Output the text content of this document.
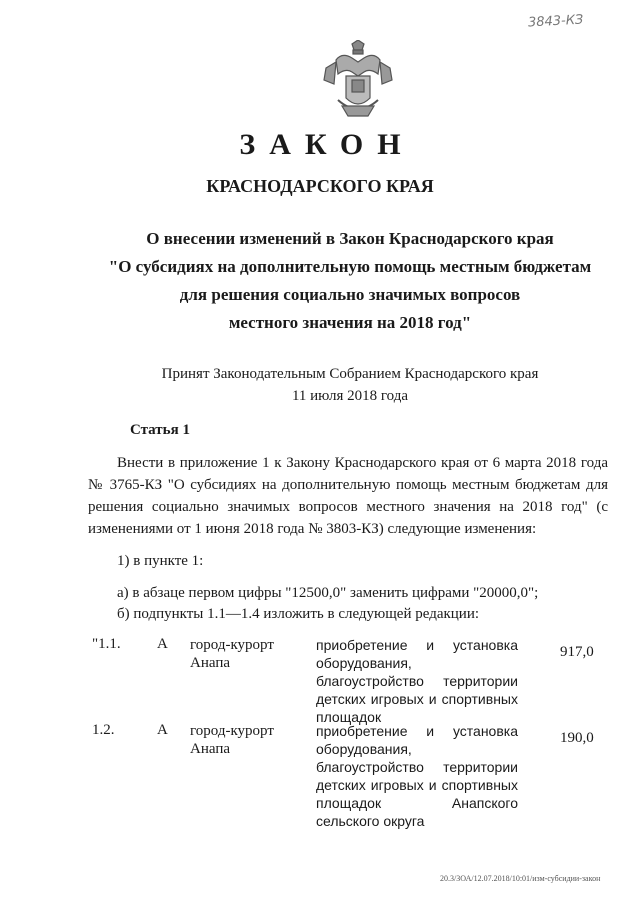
3843-КЗ
ЗАКОН
КРАСНОДАРСКОГО КРАЯ
О внесении изменений в Закон Краснодарского края
"О субсидиях на дополнительную помощь местным бюджетам
для решения социально значимых вопросов
местного значения на 2018 год"
Принят Законодательным Собранием Краснодарского края
11 июля 2018 года
Статья 1
Внести в приложение 1 к Закону Краснодарского края от 6 марта 2018 года № 3765-КЗ "О субсидиях на дополнительную помощь местным бюджетам для решения социально значимых вопросов местного значения на 2018 год" (с изменениями от 1 июня 2018 года № 3803-КЗ) следующие изменения:
1) в пункте 1:
а) в абзаце первом цифры "12500,0" заменить цифрами "20000,0";
б) подпункты 1.1—1.4 изложить в следующей редакции:
"1.1. А город-курорт Анапа
приобретение и установка оборудования, благоустройство территории детских игровых и спортивных площадок
917,0
1.2.	А город-курорт Анапа
приобретение и установка оборудования, благоустройство территории детских игровых и спортивных площадок Анапского сельского округа
190,0
20.3/ЗОА/12.07.2018/10:01/изм-субсидии-закон
